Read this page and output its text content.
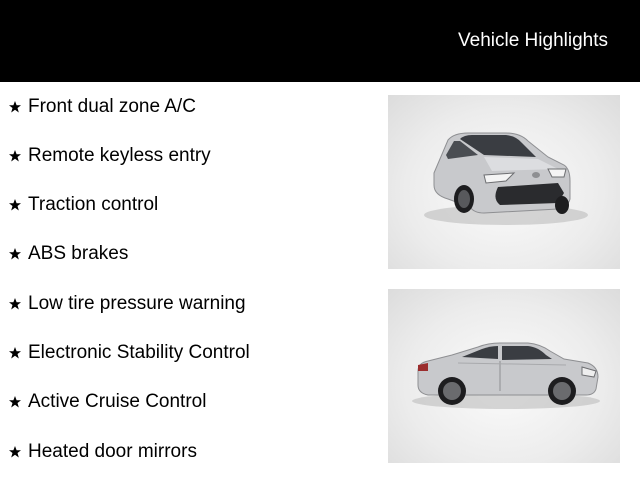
Vehicle Highlights
Front dual zone A/C
Remote keyless entry
Traction control
ABS brakes
Low tire pressure warning
Electronic Stability Control
Active Cruise Control
Heated door mirrors
